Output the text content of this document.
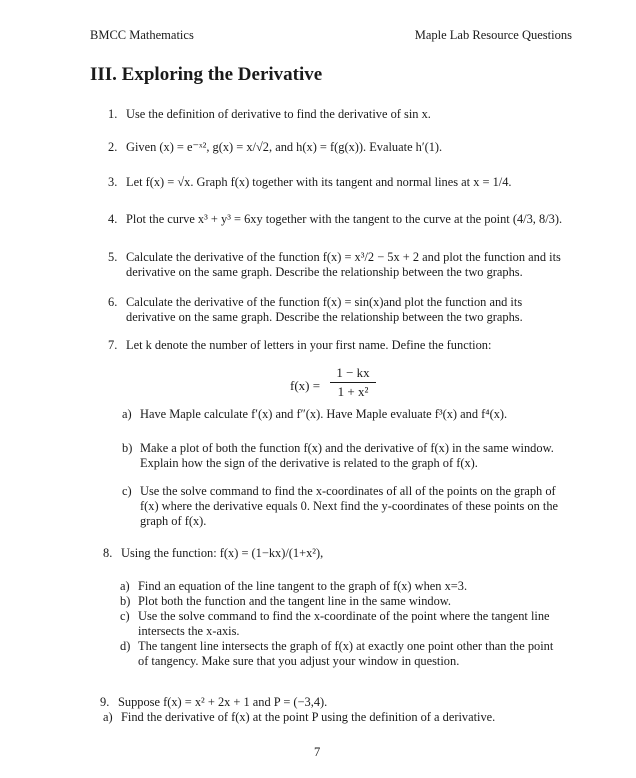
BMCC Mathematics	Maple Lab Resource Questions
III. Exploring the Derivative
1. Use the definition of derivative to find the derivative of sin x.
2. Given (x) = e⁻ˣ², g(x) = x/√2, and h(x) = f(g(x)). Evaluate h′(1).
3. Let f(x) = √x. Graph f(x) together with its tangent and normal lines at x = 1/4.
4. Plot the curve x³ + y³ = 6xy together with the tangent to the curve at the point (4/3, 8/3).
5. Calculate the derivative of the function f(x) = x³/2 − 5x + 2 and plot the function and its
derivative on the same graph. Describe the relationship between the two graphs.
6. Calculate the derivative of the function f(x) = sin(x)and plot the function and its
derivative on the same graph. Describe the relationship between the two graphs.
7. Let k denote the number of letters in your first name. Define the function:
$f(x) = \frac{1 - kx}{\text{1 + x²}}$
a) Have Maple calculate f′(x) and f″(x). Have Maple evaluate f³(x) and f⁴(x).
b) Make a plot of both the function f(x) and the derivative of f(x) in the same window.
Explain how the sign of the derivative is related to the graph of f(x).
c) Use the solve command to find the x-coordinates of all of the points on the graph of
f(x) where the derivative equals 0. Next find the y-coordinates of these points on the
graph of f(x).
8. Using the function: f(x) = (1−kx)/(1+x²),
a) Find an equation of the line tangent to the graph of f(x) when x=3.
b) Plot both the function and the tangent line in the same window.
c) Use the solve command to find the x-coordinate of the point where the tangent line
intersects the x-axis.
d) The tangent line intersects the graph of f(x) at exactly one point other than the point
of tangency. Make sure that you adjust your window in question.
9. Suppose f(x) = x² + 2x + 1 and P = (−3,4).
a) Find the derivative of f(x) at the point P using the definition of a derivative.
7
